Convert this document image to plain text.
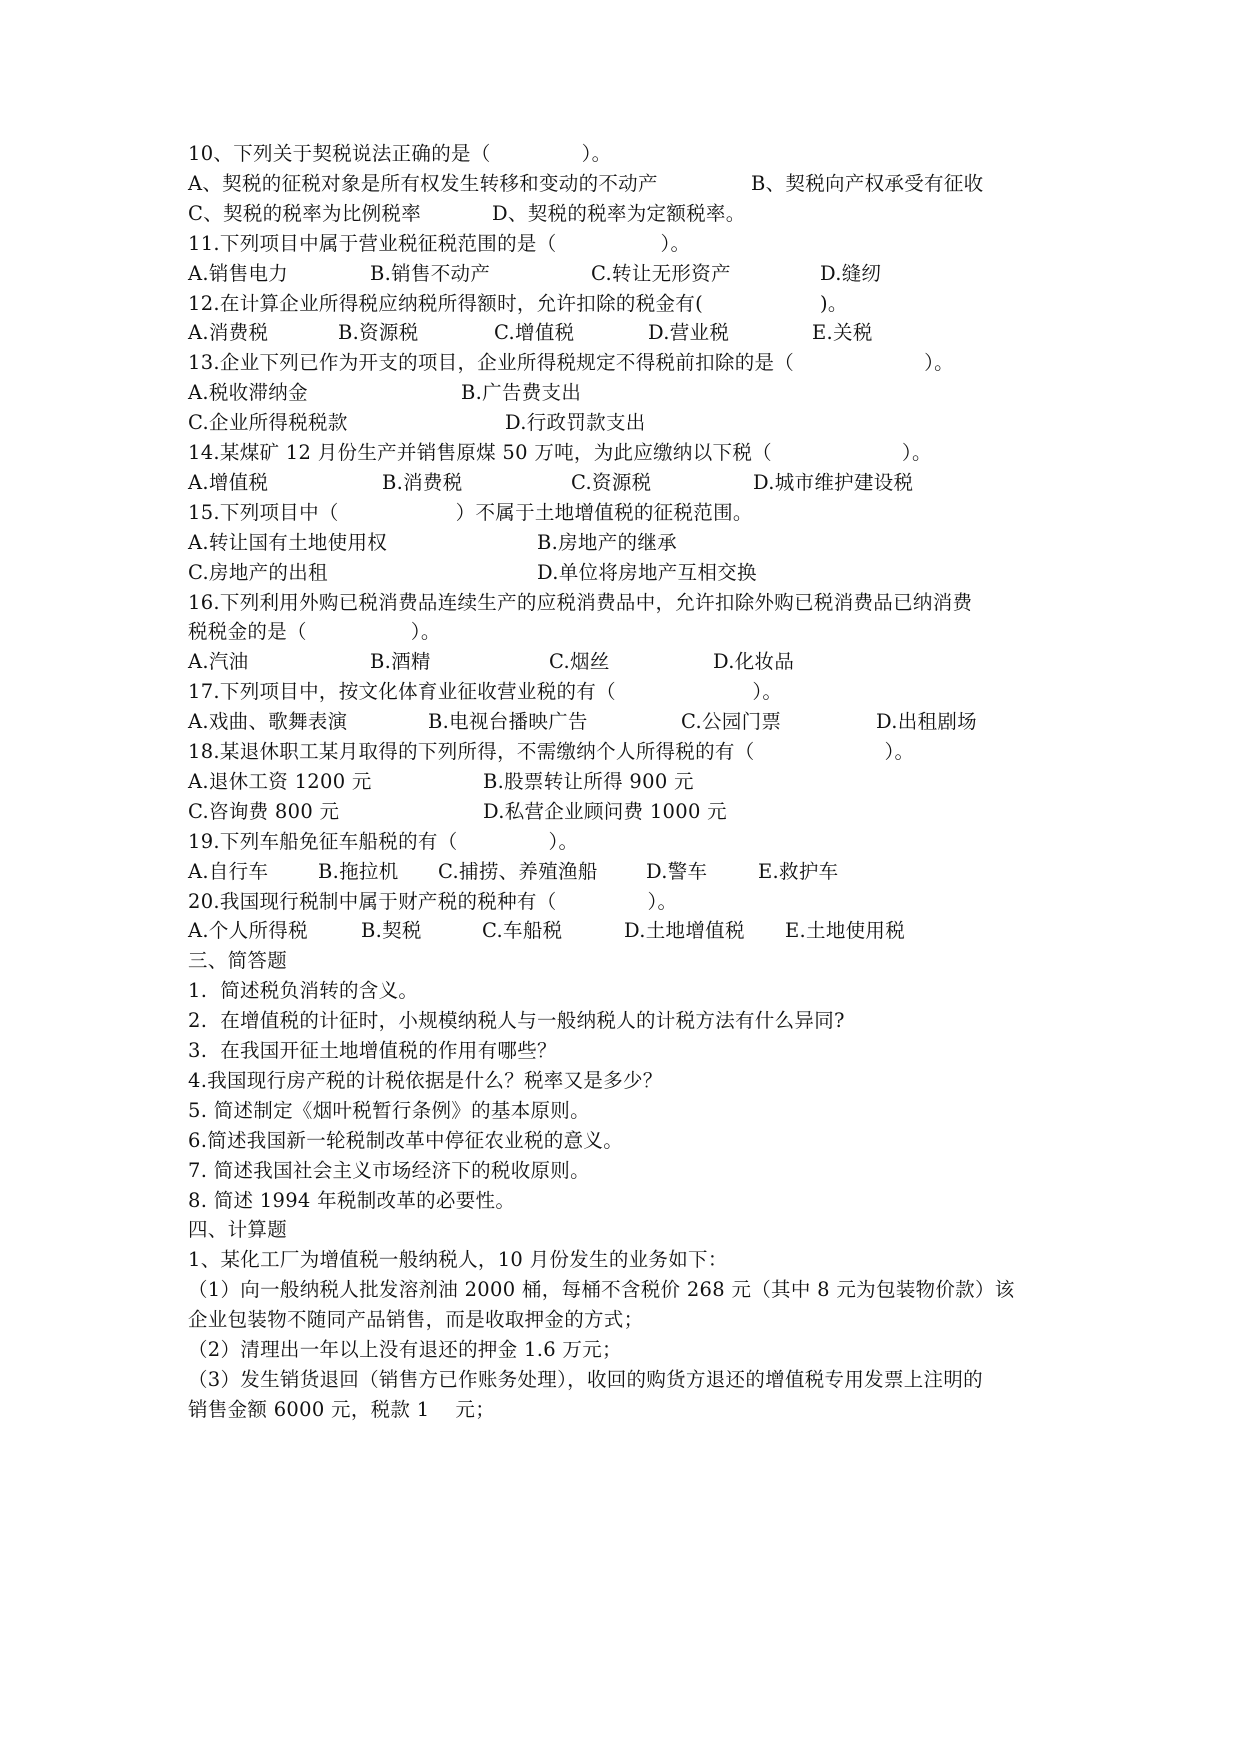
10、下列关于契税说法正确的是（              ）。
A、契税的征税对象是所有权发生转移和变动的不动产	B、契税向产权承受有征收
C、契税的税率为比例税率	D、契税的税率为定额税率。
11.下列项目中属于营业税征税范围的是（                ）。
A.销售电力	B.销售不动产	C.转让无形资产	D.缝纫
12.在计算企业所得税应纳税所得额时，允许扣除的税金有(                  )。
A.消费税	B.资源税	C.增值税	D.营业税	E.关税
13.企业下列已作为开支的项目，企业所得税规定不得税前扣除的是（                    ）。
A.税收滞纳金	B.广告费支出
C.企业所得税税款	D.行政罚款支出
14.某煤矿 12 月份生产并销售原煤 50 万吨，为此应缴纳以下税（                    ）。
A.增值税	B.消费税	C.资源税	D.城市维护建设税
15.下列项目中（                  ）不属于土地增值税的征税范围。
A.转让国有土地使用权	B.房地产的继承
C.房地产的出租	D.单位将房地产互相交换
16.下列利用外购已税消费品连续生产的应税消费品中，允许扣除外购已税消费品已纳消费
税税金的是（                ）。
A.汽油	B.酒精	C.烟丝	D.化妆品
17.下列项目中，按文化体育业征收营业税的有（                     ）。
A.戏曲、歌舞表演	B.电视台播映广告	C.公园门票	D.出租剧场
18.某退休职工某月取得的下列所得，不需缴纳个人所得税的有（                    ）。
A.退休工资 1200 元	B.股票转让所得 900 元
C.咨询费 800 元	D.私营企业顾问费 1000 元
19.下列车船免征车船税的有（              ）。
A.自行车	B.拖拉机 C.捕捞、养殖渔船 D.警车	E.救护车
20.我国现行税制中属于财产税的税种有（              ）。
A.个人所得税	B.契税	C.车船税	D.土地增值税 E.土地使用税
三、简答题
1.  简述税负消转的含义。
2.  在增值税的计征时，小规模纳税人与一般纳税人的计税方法有什么异同?
3.  在我国开征土地增值税的作用有哪些？
4.我国现行房产税的计税依据是什么？税率又是多少？
5. 简述制定《烟叶税暂行条例》的基本原则。
6.简述我国新一轮税制改革中停征农业税的意义。
7. 简述我国社会主义市场经济下的税收原则。
8. 简述 1994 年税制改革的必要性。
四、计算题
1、某化工厂为增值税一般纳税人，10 月份发生的业务如下：
（1）向一般纳税人批发溶剂油 2000 桶，每桶不含税价 268 元（其中 8 元为包装物价款）该
企业包装物不随同产品销售，而是收取押金的方式；
（2）清理出一年以上没有退还的押金 1.6 万元；
（3）发生销货退回（销售方已作账务处理），收回的购货方退还的增值税专用发票上注明的
销售金额 6000 元，税款 1    元；
